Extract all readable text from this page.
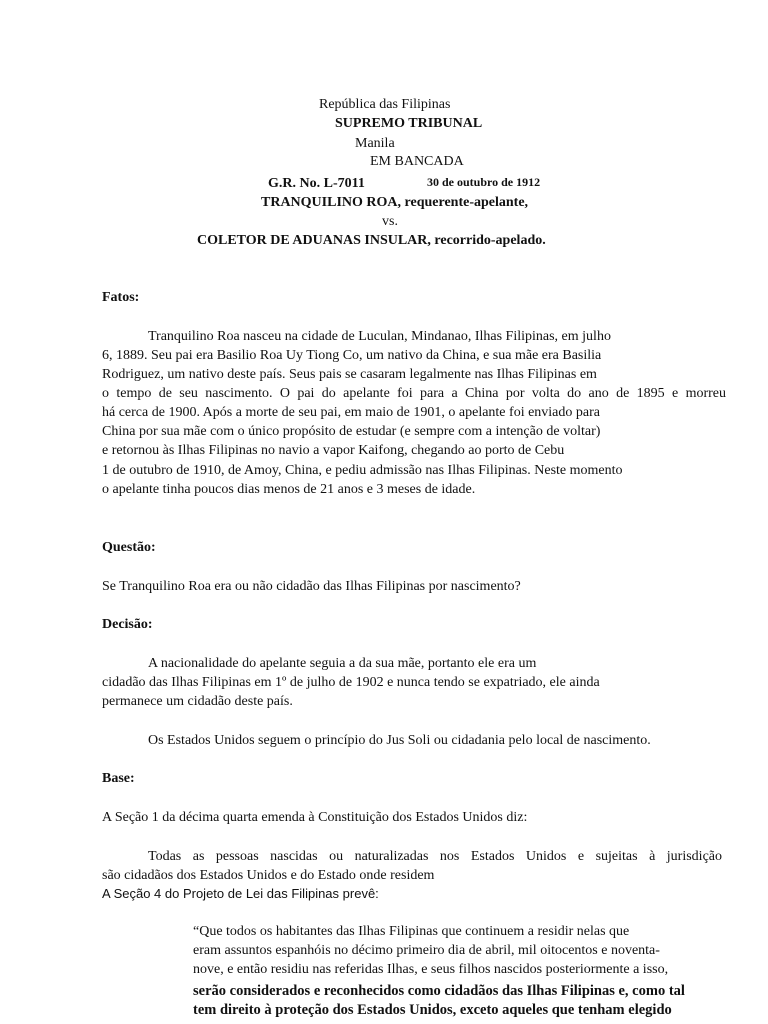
República das Filipinas
SUPREMO TRIBUNAL
Manila
EM BANCADA
G.R. No. L-7011	30 de outubro de 1912
TRANQUILINO ROA, requerente-apelante,
vs.
COLETOR DE ADUANAS INSULAR, recorrido-apelado.
Fatos:
Tranquilino Roa nasceu na cidade de Luculan, Mindanao, Ilhas Filipinas, em julho
6, 1889. Seu pai era Basilio Roa Uy Tiong Co, um nativo da China, e sua mãe era Basilia
Rodriguez, um nativo deste país. Seus pais se casaram legalmente nas Ilhas Filipinas em
o tempo de seu nascimento. O pai do apelante foi para a China por volta do ano de 1895 e morreu
há cerca de 1900. Após a morte de seu pai, em maio de 1901, o apelante foi enviado para
China por sua mãe com o único propósito de estudar (e sempre com a intenção de voltar)
e retornou às Ilhas Filipinas no navio a vapor Kaifong, chegando ao porto de Cebu
1 de outubro de 1910, de Amoy, China, e pediu admissão nas Ilhas Filipinas. Neste momento
o apelante tinha poucos dias menos de 21 anos e 3 meses de idade.
Questão:
Se Tranquilino Roa era ou não cidadão das Ilhas Filipinas por nascimento?
Decisão:
A nacionalidade do apelante seguia a da sua mãe, portanto ele era um
cidadão das Ilhas Filipinas em 1º de julho de 1902 e nunca tendo se expatriado, ele ainda
permanece um cidadão deste país.
Os Estados Unidos seguem o princípio do Jus Soli ou cidadania pelo local de nascimento.
Base:
A Seção 1 da décima quarta emenda à Constituição dos Estados Unidos diz:
Todas as pessoas nascidas ou naturalizadas nos Estados Unidos e sujeitas à jurisdição
são cidadãos dos Estados Unidos e do Estado onde residem
A Seção 4 do Projeto de Lei das Filipinas prevê:
“Que todos os habitantes das Ilhas Filipinas que continuem a residir nelas que
eram assuntos espanhóis no décimo primeiro dia de abril, mil oitocentos e noventa-
nove, e então residiu nas referidas Ilhas, e seus filhos nascidos posteriormente a isso,
serão considerados e reconhecidos como cidadãos das Ilhas Filipinas e, como tal
tem direito à proteção dos Estados Unidos, exceto aqueles que tenham elegido
